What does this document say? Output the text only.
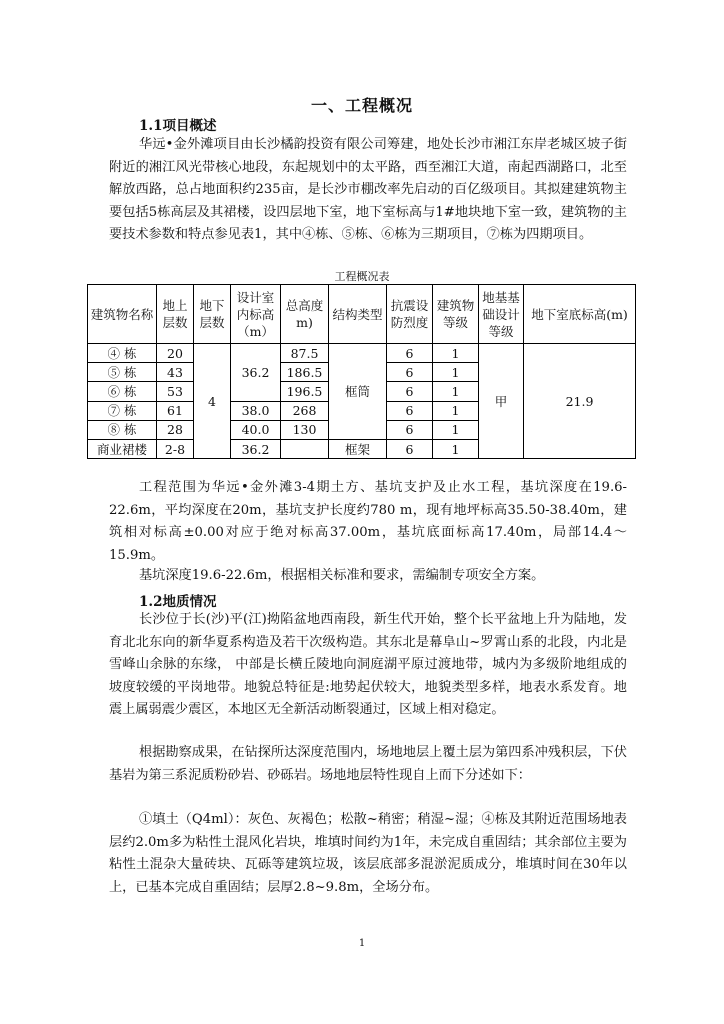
一、工程概况
1.1项目概述

华远•金外滩项目由长沙橘韵投资有限公司筹建，地处长沙市湘江东岸老城区坡子街附近的湘江风光带核心地段，东起规划中的太平路，西至湘江大道，南起西湖路口，北至解放西路，总占地面积约235亩，是长沙市棚改率先启动的百亿级项目。其拟建建筑物主要包括5栋高层及其裙楼，设四层地下室，地下室标高与1#地块地下室一致，建筑物的主要技术参数和特点参见表1，其中④栋、⑤栋、⑥栋为三期项目，⑦栋为四期项目。

工程概况表
建筑物名称	地上层数	地下层数	设计室内标高（m）	总高度m)	结构类型	抗震设防烈度	建筑物等级	地基基础设计等级	地下室底标高(m)
④ 栋	20	4	36.2	87.5	框筒	6	1	甲	21.9
⑤ 栋	43			186.5		6	1		
⑥ 栋	53			196.5		6	1		
⑦ 栋	61		38.0	268		6	1		
⑧ 栋	28		40.0	130		6	1		
商业裙楼	2-8		36.2		框架	6	1		

工程范围为华远•金外滩3-4期土方、基坑支护及止水工程，基坑深度在19.6-22.6m，平均深度在20m，基坑支护长度约780 m，现有地坪标高35.50-38.40m，建筑相对标高±0.00对应于绝对标高37.00m，基坑底面标高17.40m，局部14.4～15.9m。

基坑深度19.6-22.6m，根据相关标准和要求，需编制专项安全方案。

1.2地质情况

长沙位于长(沙)平(江)拗陷盆地西南段，新生代开始，整个长平盆地上升为陆地，发育北北东向的新华夏系构造及若干次级构造。其东北是幕阜山~罗霄山系的北段，内北是雪峰山余脉的东缘， 中部是长横丘陵地向洞庭湖平原过渡地带，城内为多级阶地组成的坡度较缓的平岗地带。地貌总特征是:地势起伏较大，地貌类型多样，地表水系发育。地震上属弱震少震区，本地区无全新活动断裂通过，区域上相对稳定。

根据勘察成果，在钻探所达深度范围内，场地地层上覆土层为第四系冲残积层，下伏基岩为第三系泥质粉砂岩、砂砾岩。场地地层特性现自上而下分述如下：

①填土（Q4ml）：灰色、灰褐色；松散~稍密；稍湿~湿；④栋及其附近范围场地表层约2.0m多为粘性土混风化岩块，堆填时间约为1年，未完成自重固结；其余部位主要为粘性土混杂大量砖块、瓦砾等建筑垃圾，该层底部多混淤泥质成分，堆填时间在30年以上，已基本完成自重固结；层厚2.8~9.8m，全场分布。

1
